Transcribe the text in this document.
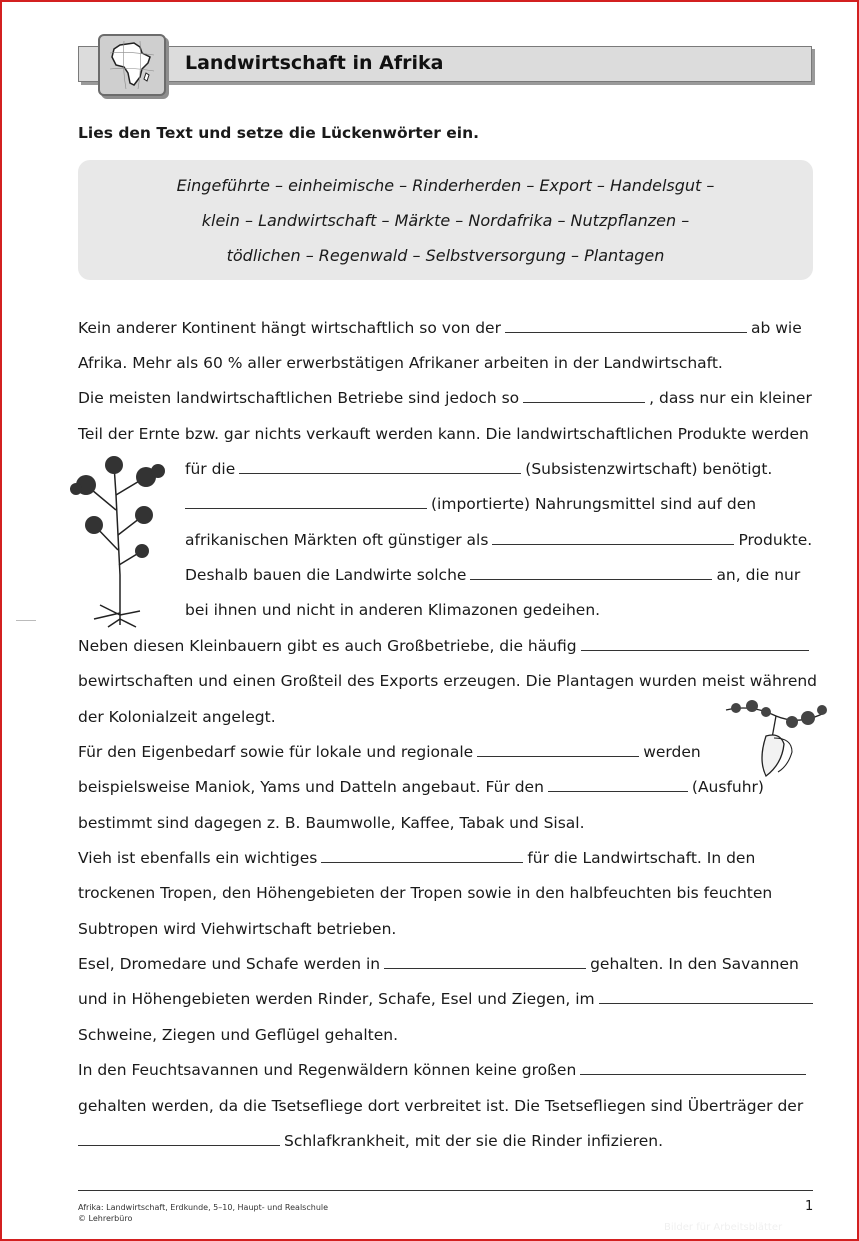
Landwirtschaft in Afrika
Lies den Text und setze die Lückenwörter ein.
Eingeführte – einheimische – Rinderherden – Export – Handelsgut –
klein – Landwirtschaft – Märkte – Nordafrika – Nutzpflanzen –
tödlichen – Regenwald – Selbstversorgung – Plantagen
Kein anderer Kontinent hängt wirtschaftlich so von der	ab wie
Afrika. Mehr als 60 % aller erwerbstätigen Afrikaner arbeiten in der Landwirtschaft.
Die meisten landwirtschaftlichen Betriebe sind jedoch so	, dass nur ein kleiner
Teil der Ernte bzw. gar nichts verkauft werden kann. Die landwirtschaftlichen Produkte werden
für die	(Subsistenzwirtschaft) benötigt.
(importierte) Nahrungsmittel sind auf den
afrikanischen Märkten oft günstiger als	Produkte.
Deshalb bauen die Landwirte solche	an, die nur
bei ihnen und nicht in anderen Klimazonen gedeihen.
Neben diesen Kleinbauern gibt es auch Großbetriebe, die häufig
bewirtschaften und einen Großteil des Exports erzeugen. Die Plantagen wurden meist während
der Kolonialzeit angelegt.
Für den Eigenbedarf sowie für lokale und regionale	werden
beispielsweise Maniok, Yams und Datteln angebaut. Für den	(Ausfuhr)
bestimmt sind dagegen z. B. Baumwolle, Kaffee, Tabak und Sisal.
Vieh ist ebenfalls ein wichtiges	für die Landwirtschaft. In den
trockenen Tropen, den Höhengebieten der Tropen sowie in den halbfeuchten bis feuchten
Subtropen wird Viehwirtschaft betrieben.
Esel, Dromedare und Schafe werden in	gehalten. In den Savannen
und in Höhengebieten werden Rinder, Schafe, Esel und Ziegen, im
Schweine, Ziegen und Geflügel gehalten.
In den Feuchtsavannen und Regenwäldern können keine großen
gehalten werden, da die Tsetsefliege dort verbreitet ist. Die Tsetsefliegen sind Überträger der
Schlafkrankheit, mit der sie die Rinder infizieren.
Afrika: Landwirtschaft, Erdkunde, 5–10, Haupt- und Realschule
© Lehrerbüro
1
Bilder für Arbeitsblätter
